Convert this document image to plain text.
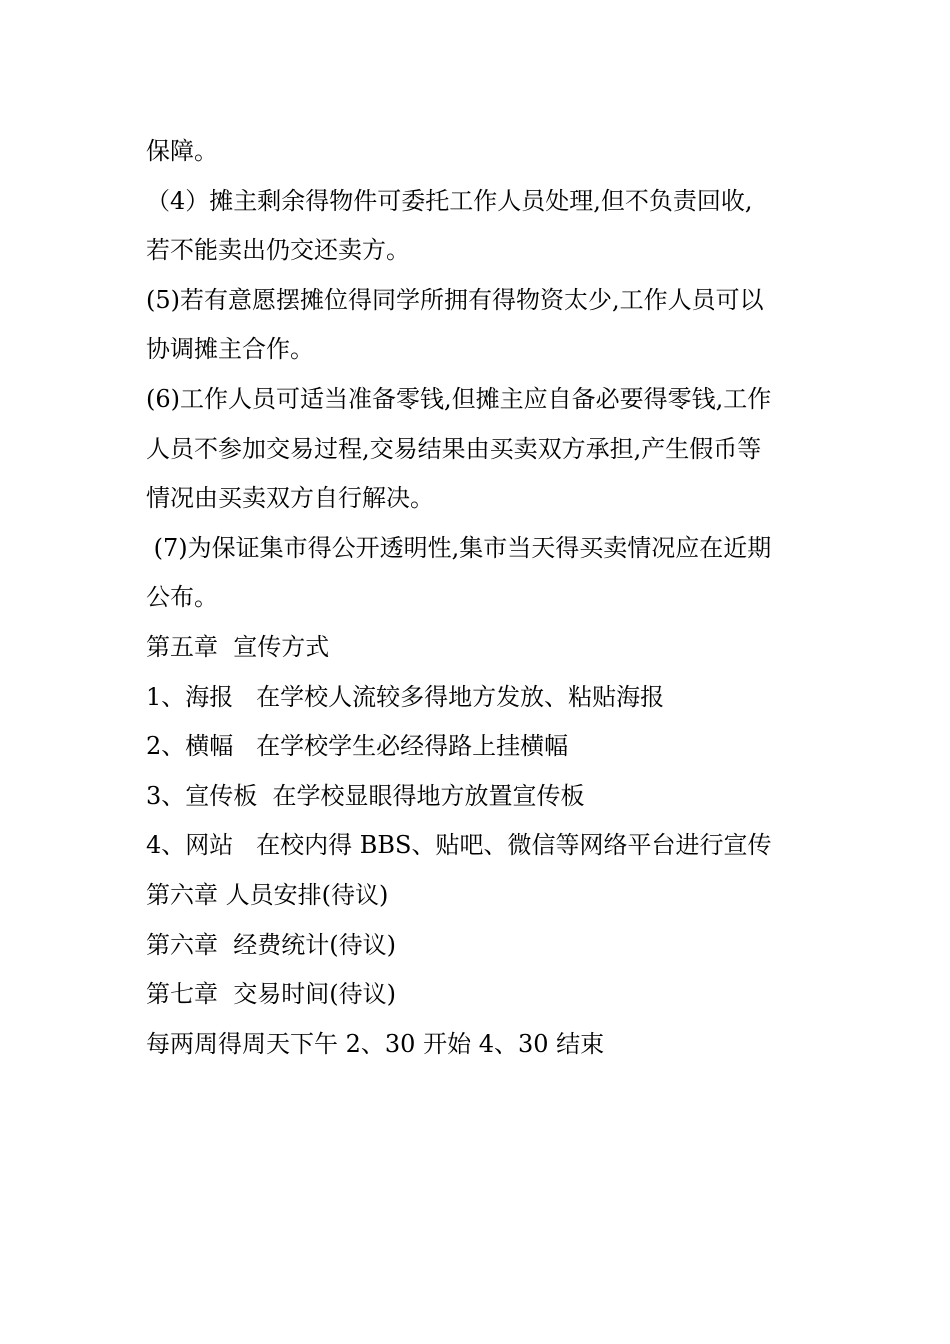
保障。

（4）摊主剩余得物件可委托工作人员处理,但不负责回收,

若不能卖出仍交还卖方。

(5)若有意愿摆摊位得同学所拥有得物资太少,工作人员可以

协调摊主合作。

(6)工作人员可适当准备零钱,但摊主应自备必要得零钱,工作

人员不参加交易过程,交易结果由买卖双方承担,产生假币等

情况由买卖双方自行解决。

(7)为保证集市得公开透明性,集市当天得买卖情况应在近期

公布。

第五章  宣传方式

1、海报   在学校人流较多得地方发放、粘贴海报

2、横幅   在学校学生必经得路上挂横幅

3、宣传板  在学校显眼得地方放置宣传板

4、网站   在校内得 BBS、贴吧、微信等网络平台进行宣传

第六章 人员安排(待议)

第六章  经费统计(待议)

第七章  交易时间(待议)

每两周得周天下午 2、30 开始 4、30 结束
